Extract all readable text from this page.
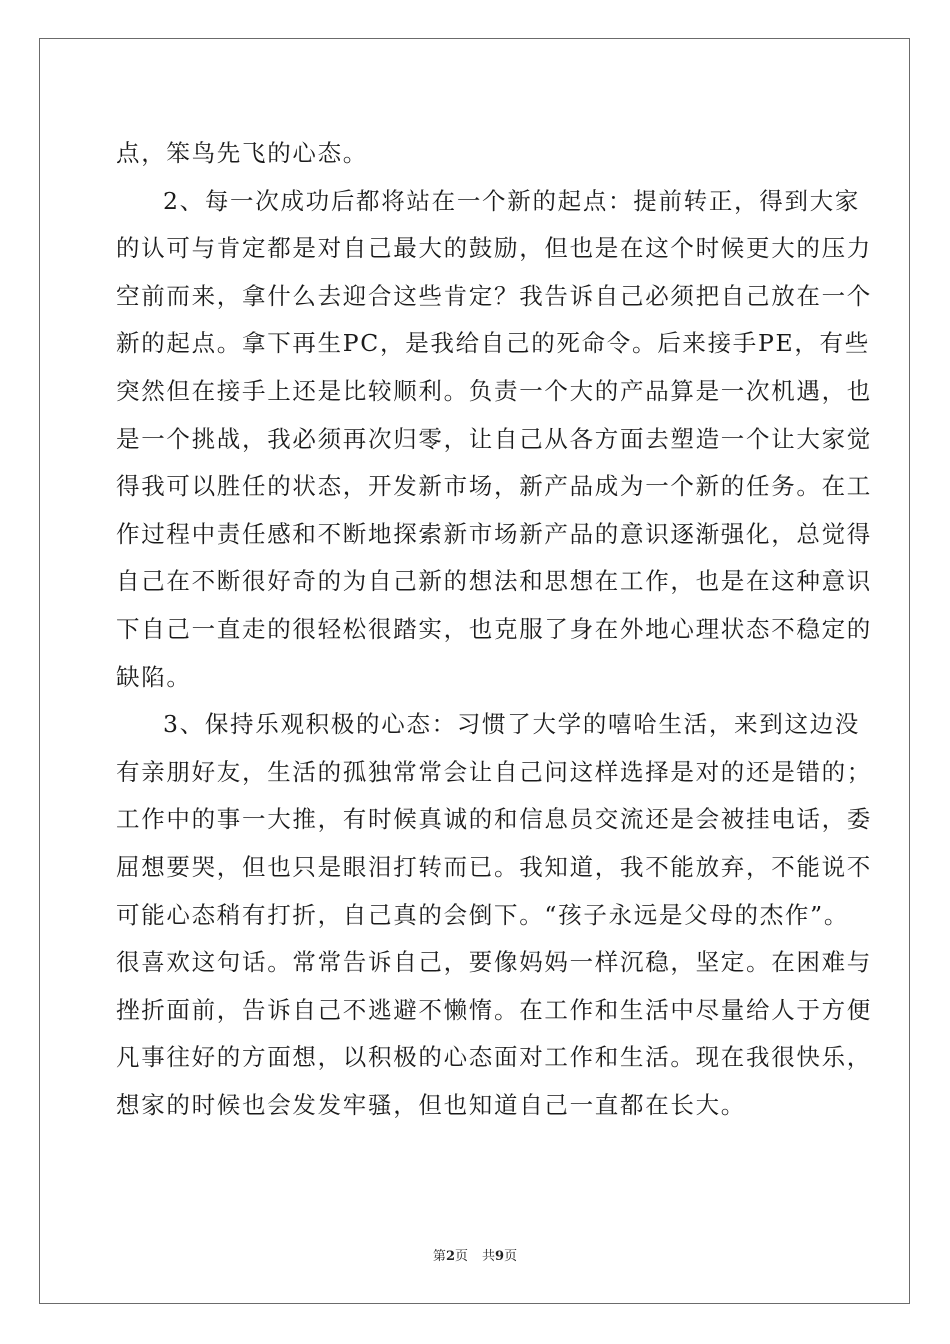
点，笨鸟先飞的心态。
2、每一次成功后都将站在一个新的起点：提前转正，得到大家
的认可与肯定都是对自己最大的鼓励，但也是在这个时候更大的压力
空前而来，拿什么去迎合这些肯定？我告诉自己必须把自己放在一个
新的起点。拿下再生PC，是我给自己的死命令。后来接手PE，有些
突然但在接手上还是比较顺利。负责一个大的产品算是一次机遇，也
是一个挑战，我必须再次归零，让自己从各方面去塑造一个让大家觉
得我可以胜任的状态，开发新市场，新产品成为一个新的任务。在工
作过程中责任感和不断地探索新市场新产品的意识逐渐强化，总觉得
自己在不断很好奇的为自己新的想法和思想在工作，也是在这种意识
下自己一直走的很轻松很踏实，也克服了身在外地心理状态不稳定的
缺陷。
3、保持乐观积极的心态：习惯了大学的嘻哈生活，来到这边没
有亲朋好友，生活的孤独常常会让自己问这样选择是对的还是错的；
工作中的事一大推，有时候真诚的和信息员交流还是会被挂电话，委
屈想要哭，但也只是眼泪打转而已。我知道，我不能放弃，不能说不
可能心态稍有打折，自己真的会倒下。“孩子永远是父母的杰作”。
很喜欢这句话。常常告诉自己，要像妈妈一样沉稳，坚定。在困难与
挫折面前，告诉自己不逃避不懒惰。在工作和生活中尽量给人于方便
凡事往好的方面想，以积极的心态面对工作和生活。现在我很快乐，
想家的时候也会发发牢骚，但也知道自己一直都在长大。
第2页 共9页
